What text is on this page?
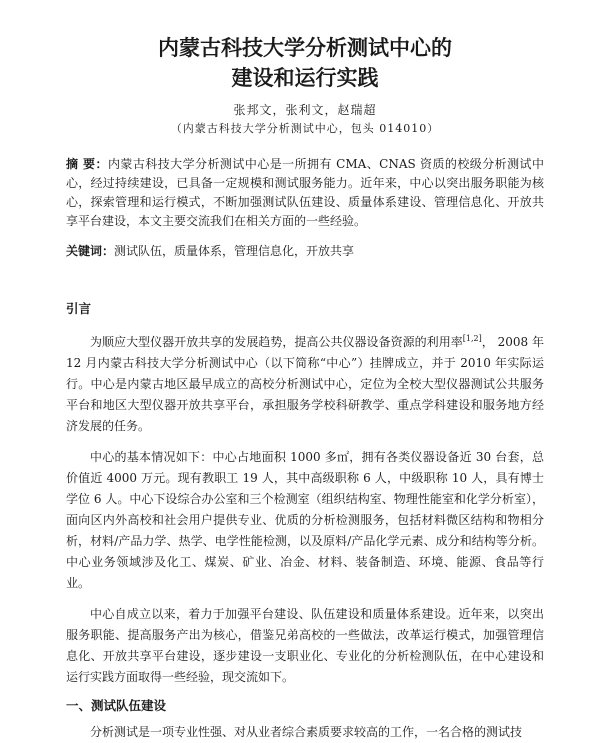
内蒙古科技大学分析测试中心的
建设和运行实践
张邦文，张利文，赵瑞超
（内蒙古科技大学分析测试中心，包头 014010）
摘 要：内蒙古科技大学分析测试中心是一所拥有 CMA、CNAS 资质的校级分析测试中心，经过持续建设，已具备一定规模和测试服务能力。近年来，中心以突出服务职能为核心，探索管理和运行模式，不断加强测试队伍建设、质量体系建设、管理信息化、开放共享平台建设，本文主要交流我们在相关方面的一些经验。
关键词：测试队伍，质量体系，管理信息化，开放共享
引言

为顺应大型仪器开放共享的发展趋势，提高公共仪器设备资源的利用率[1,2]， 2008 年 12 月内蒙古科技大学分析测试中心（以下简称“中心”）挂牌成立，并于 2010 年实际运行。中心是内蒙古地区最早成立的高校分析测试中心，定位为全校大型仪器测试公共服务平台和地区大型仪器开放共享平台，承担服务学校科研教学、重点学科建设和服务地方经济发展的任务。

中心的基本情况如下：中心占地面积 1000 多㎡，拥有各类仪器设备近 30 台套，总价值近 4000 万元。现有教职工 19 人，其中高级职称 6 人，中级职称 10 人，具有博士学位 6 人。中心下设综合办公室和三个检测室（组织结构室、物理性能室和化学分析室），面向区内外高校和社会用户提供专业、优质的分析检测服务，包括材料微区结构和物相分析，材料/产品力学、热学、电学性能检测，以及原料/产品化学元素、成分和结构等分析。中心业务领域涉及化工、煤炭、矿业、冶金、材料、装备制造、环境、能源、食品等行业。

中心自成立以来，着力于加强平台建设、队伍建设和质量体系建设。近年来，以突出服务职能、提高服务产出为核心，借鉴兄弟高校的一些做法，改革运行模式，加强管理信息化、开放共享平台建设，逐步建设一支职业化、专业化的分析检测队伍，在中心建设和运行实践方面取得一些经验，现交流如下。

一、测试队伍建设

分析测试是一项专业性强、对从业者综合素质要求较高的工作，一名合格的测试技
